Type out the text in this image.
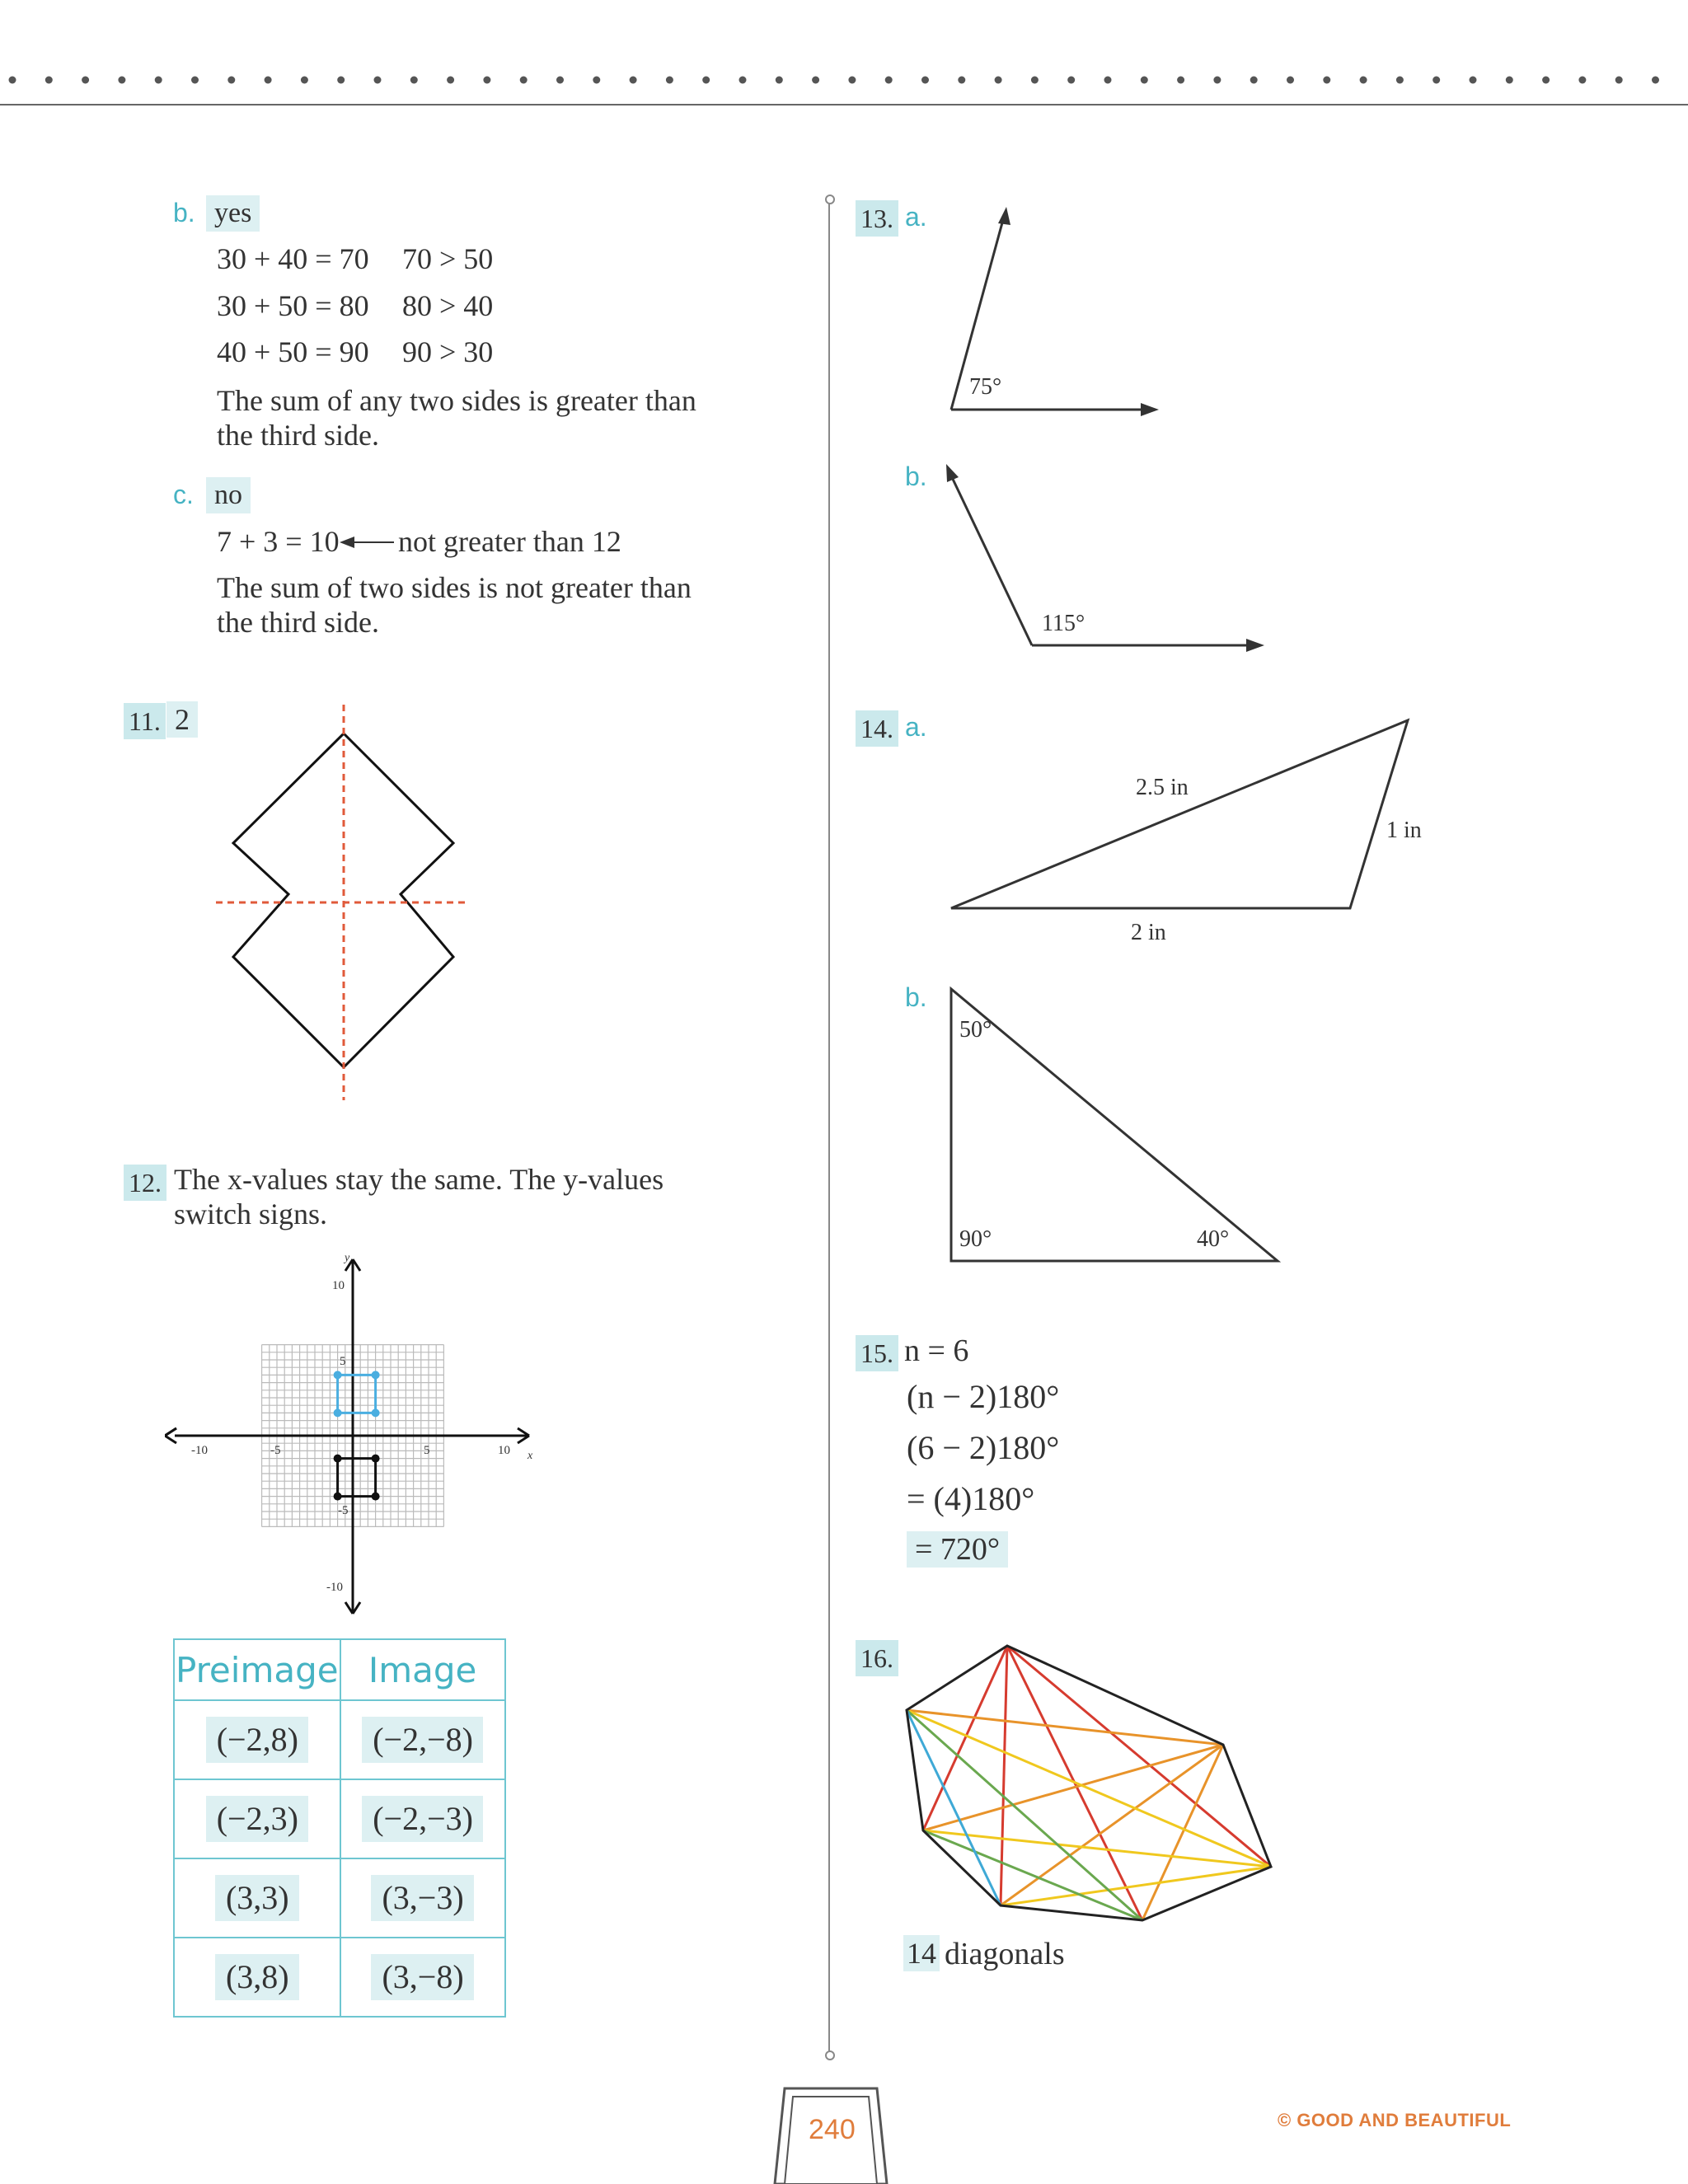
b. yes
30 + 40 = 70 70 > 50
30 + 50 = 80 80 > 40
40 + 50 = 90 90 > 30
The sum of any two sides is greater than
the third side.
c. no
7 + 3 = 10 not greater than 12
The sum of two sides is not greater than
the third side.
11. 2
12. The x-values stay the same. The y-values
switch signs.
y
x
-10	-5	5	10
10
5
-5
-10
Preimage	Image
(−2,8)	(−2,−8)
(−2,3)	(−2,−3)
(3,3)	(3,−3)
(3,8)	(3,−8)
13. a.
75°
b.
115°
14. a.
2.5 in
1 in
2 in
b.
50°
90°	40°
15. n = 6
(n − 2)180°
(6 − 2)180°
= (4)180°
= 720°
16.
14 diagonals
240	© GOOD AND BEAUTIFUL
